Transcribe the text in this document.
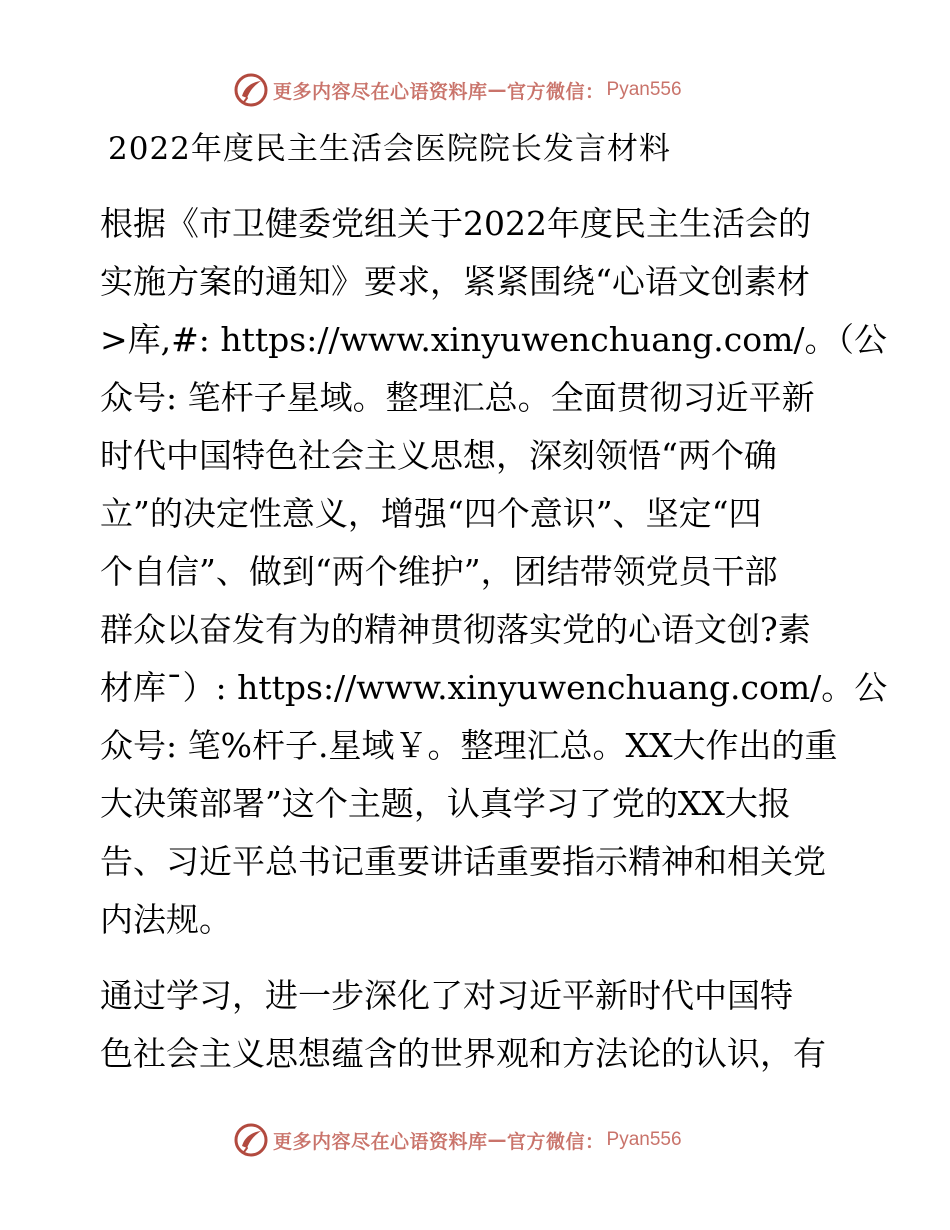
更多内容尽在心语资料库 — 官方微信： Pyan556
2022年度民主生活会医院院长发言材料

根据《市卫健委党组关于2022年度民主生活会的
实施方案的通知》要求，紧紧围绕“心语文创素材
>库,#: https://www.xinyuwenchuang.com/。（公
众号: 笔杆子星域。整理汇总。全面贯彻习近平新
时代中国特色社会主义思想，深刻领悟“两个确
立”的决定性意义，增强“四个意识”、坚定“四
个自信”、做到“两个维护”，团结带领党员干部
群众以奋发有为的精神贯彻落实党的心语文创?素
材库¯）: https://www.xinyuwenchuang.com/。公
众号: 笔%杆子.星域￥。整理汇总。XX大作出的重
大决策部署”这个主题，认真学习了党的XX大报
告、习近平总书记重要讲话重要指示精神和相关党
内法规。

通过学习，进一步深化了对习近平新时代中国特
色社会主义思想蕴含的世界观和方法论的认识，有

更多内容尽在心语资料库 — 官方微信： Pyan556
